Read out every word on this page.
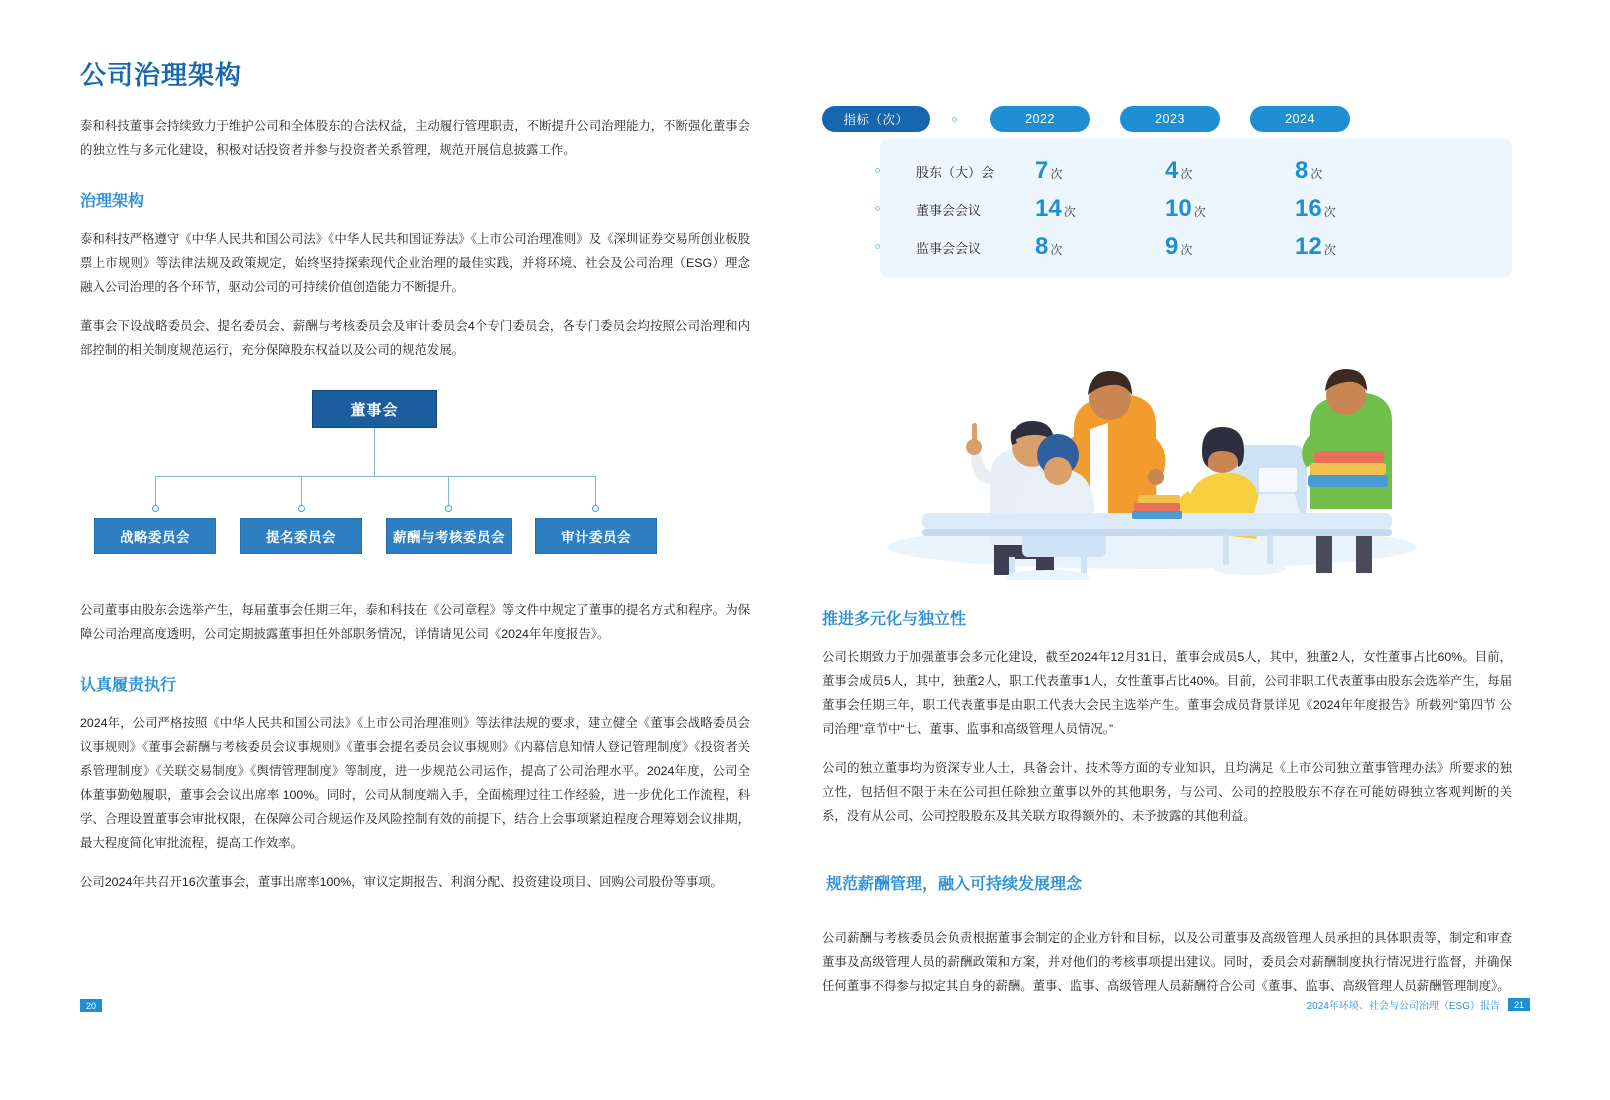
公司治理架构

泰和科技董事会持续致力于维护公司和全体股东的合法权益，主动履行管理职责，不断提升公司治理能力，不断强化董事会的独立性与多元化建设，积极对话投资者并参与投资者关系管理，规范开展信息披露工作。

治理架构

泰和科技严格遵守《中华人民共和国公司法》《中华人民共和国证券法》《上市公司治理准则》及《深圳证券交易所创业板股票上市规则》等法律法规及政策规定，始终坚持探索现代企业治理的最佳实践，并将环境、社会及公司治理（ESG）理念融入公司治理的各个环节，驱动公司的可持续价值创造能力不断提升。

董事会下设战略委员会、提名委员会、薪酬与考核委员会及审计委员会4个专门委员会，各专门委员会均按照公司治理和内部控制的相关制度规范运行，充分保障股东权益以及公司的规范发展。

董事会
战略委员会	提名委员会	薪酬与考核委员会	审计委员会

公司董事由股东会选举产生，每届董事会任期三年，泰和科技在《公司章程》等文件中规定了董事的提名方式和程序。为保障公司治理高度透明，公司定期披露董事担任外部职务情况，详情请见公司《2024年年度报告》。

认真履责执行

2024年，公司严格按照《中华人民共和国公司法》《上市公司治理准则》等法律法规的要求，建立健全《董事会战略委员会议事规则》《董事会薪酬与考核委员会议事规则》《董事会提名委员会议事规则》《内幕信息知情人登记管理制度》《投资者关系管理制度》《关联交易制度》《舆情管理制度》等制度，进一步规范公司运作，提高了公司治理水平。2024年度，公司全体董事勤勉履职，董事会会议出席率 100%。同时，公司从制度端入手，全面梳理过往工作经验，进一步优化工作流程，科学、合理设置董事会审批权限，在保障公司合规运作及风险控制有效的前提下，结合上会事项紧迫程度合理筹划会议排期，最大程度简化审批流程，提高工作效率。

公司2024年共召开16次董事会，董事出席率100%，审议定期报告、利润分配、投资建设项目、回购公司股份等事项。

指标（次）	2022	2023	2024
股东（大）会	7 次	4 次	8 次
董事会会议	14 次	10 次	16 次
监事会会议	8 次	9 次	12 次
推进多元化与独立性

公司长期致力于加强董事会多元化建设，截至2024年12月31日，董事会成员5人，其中，独董2人，女性董事占比60%。目前，董事会成员5人，其中，独董2人，职工代表董事1人，女性董事占比40%。目前，公司非职工代表董事由股东会选举产生，每届董事会任期三年，职工代表董事是由职工代表大会民主选举产生。董事会成员背景详见《2024年年度报告》所载列“第四节 公司治理”章节中“七、董事、监事和高级管理人员情况。”

公司的独立董事均为资深专业人士，具备会计、技术等方面的专业知识，且均满足《上市公司独立董事管理办法》所要求的独立性，包括但不限于未在公司担任除独立董事以外的其他职务，与公司、公司的控股股东不存在可能妨碍独立客观判断的关系，没有从公司、公司控股股东及其关联方取得额外的、未予披露的其他利益。

规范薪酬管理，融入可持续发展理念

公司薪酬与考核委员会负责根据董事会制定的企业方针和目标，以及公司董事及高级管理人员承担的具体职责等，制定和审查董事及高级管理人员的薪酬政策和方案，并对他们的考核事项提出建议。同时，委员会对薪酬制度执行情况进行监督，并确保任何董事不得参与拟定其自身的薪酬。董事、监事、高级管理人员薪酬符合公司《董事、监事、高级管理人员薪酬管理制度》。

20	2024年环境、社会与公司治理（ESG）报告	21
